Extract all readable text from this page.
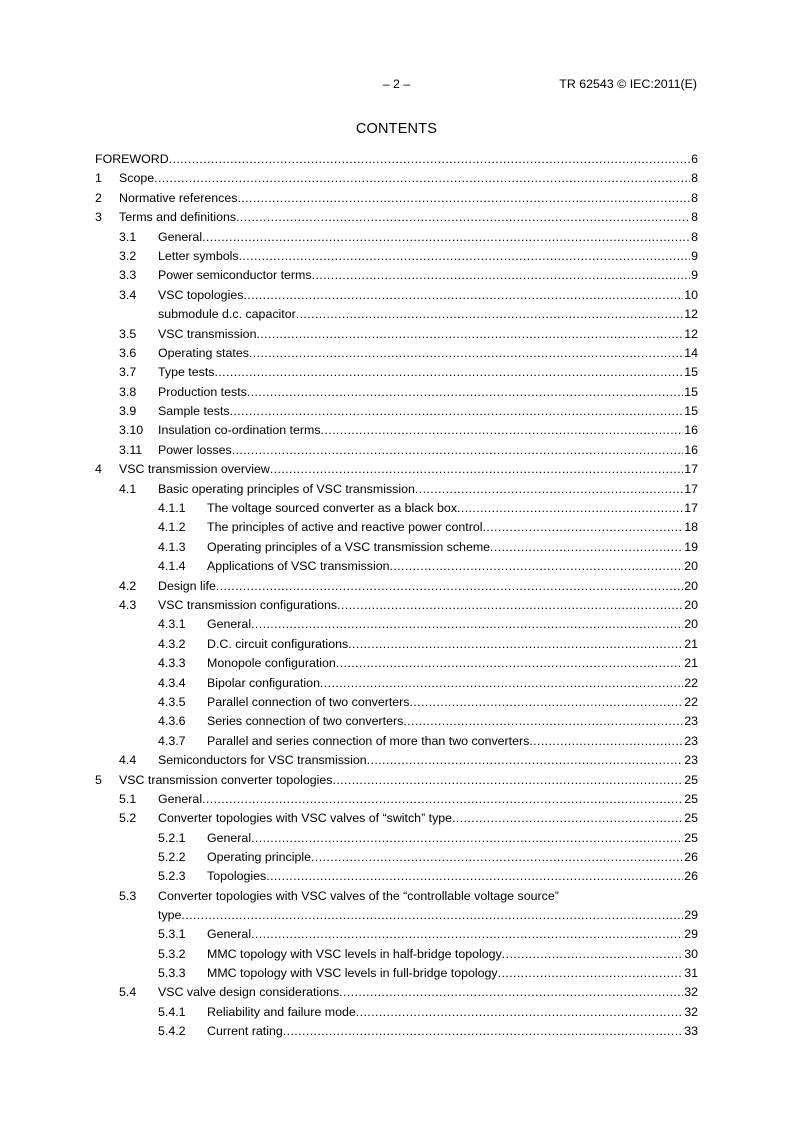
– 2 –	TR 62543 © IEC:2011(E)
CONTENTS
FOREWORD .....	6
1 Scope .....	8
2 Normative references .....	8
3 Terms and definitions .....	8
3.1 General .....	8
3.2 Letter symbols .....	9
3.3 Power semiconductor terms .....	9
3.4 VSC topologies .....	10
submodule d.c. capacitor .....	12
3.5 VSC transmission .....	12
3.6 Operating states .....	14
3.7 Type tests .....	15
3.8 Production tests .....	15
3.9 Sample tests .....	15
3.10 Insulation co-ordination terms .....	16
3.11 Power losses .....	16
4 VSC transmission overview .....	17
4.1 Basic operating principles of VSC transmission .....	17
4.1.1 The voltage sourced converter as a black box .....	17
4.1.2 The principles of active and reactive power control .....	18
4.1.3 Operating principles of a VSC transmission scheme .....	19
4.1.4 Applications of VSC transmission .....	20
4.2 Design life .....	20
4.3 VSC transmission configurations .....	20
4.3.1 General .....	20
4.3.2 D.C. circuit configurations .....	21
4.3.3 Monopole configuration .....	21
4.3.4 Bipolar configuration .....	22
4.3.5 Parallel connection of two converters .....	22
4.3.6 Series connection of two converters .....	23
4.3.7 Parallel and series connection of more than two converters .....	23
4.4 Semiconductors for VSC transmission .....	23
5 VSC transmission converter topologies .....	25
5.1 General .....	25
5.2 Converter topologies with VSC valves of “switch” type .....	25
5.2.1 General .....	25
5.2.2 Operating principle .....	26
5.2.3 Topologies .....	26
5.3 Converter topologies with VSC valves of the “controllable voltage source”
type .....	29
5.3.1 General .....	29
5.3.2 MMC topology with VSC levels in half-bridge topology .....	30
5.3.3 MMC topology with VSC levels in full-bridge topology .....	31
5.4 VSC valve design considerations .....	32
5.4.1 Reliability and failure mode .....	32
5.4.2 Current rating .....	33
